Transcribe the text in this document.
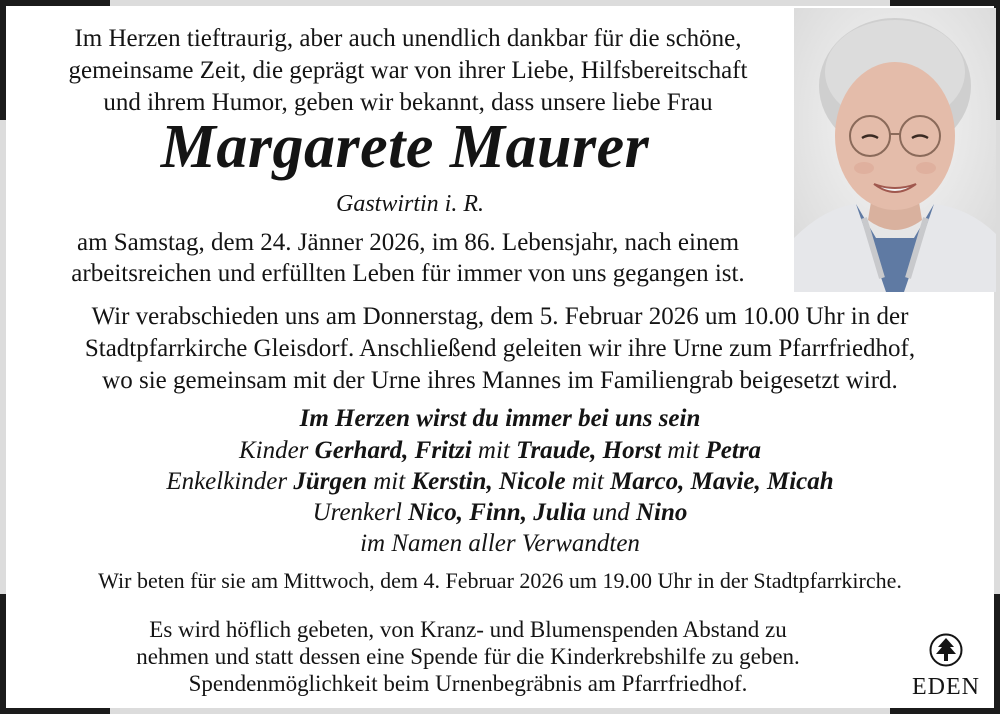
Im Herzen tieftraurig, aber auch unendlich dankbar für die schöne,
gemeinsame Zeit, die geprägt war von ihrer Liebe, Hilfsbereitschaft
und ihrem Humor, geben wir bekannt, dass unsere liebe Frau
Margarete Maurer
Gastwirtin i. R.
am Samstag, dem 24. Jänner 2026, im 86. Lebensjahr, nach einem
arbeitsreichen und erfüllten Leben für immer von uns gegangen ist.
Wir verabschieden uns am Donnerstag, dem 5. Februar 2026 um 10.00 Uhr in der
Stadtpfarrkirche Gleisdorf. Anschließend geleiten wir ihre Urne zum Pfarrfriedhof,
wo sie gemeinsam mit der Urne ihres Mannes im Familiengrab beigesetzt wird.
Im Herzen wirst du immer bei uns sein
Kinder Gerhard, Fritzi mit Traude, Horst mit Petra
Enkelkinder Jürgen mit Kerstin, Nicole mit Marco, Mavie, Micah
Urenkerl Nico, Finn, Julia und Nino
im Namen aller Verwandten
Wir beten für sie am Mittwoch, dem 4. Februar 2026 um 19.00 Uhr in der Stadtpfarrkirche.
Es wird höflich gebeten, von Kranz- und Blumenspenden Abstand zu
nehmen und statt dessen eine Spende für die Kinderkrebshilfe zu geben.
Spendenmöglichkeit beim Urnenbegräbnis am Pfarrfriedhof.	EDEN
